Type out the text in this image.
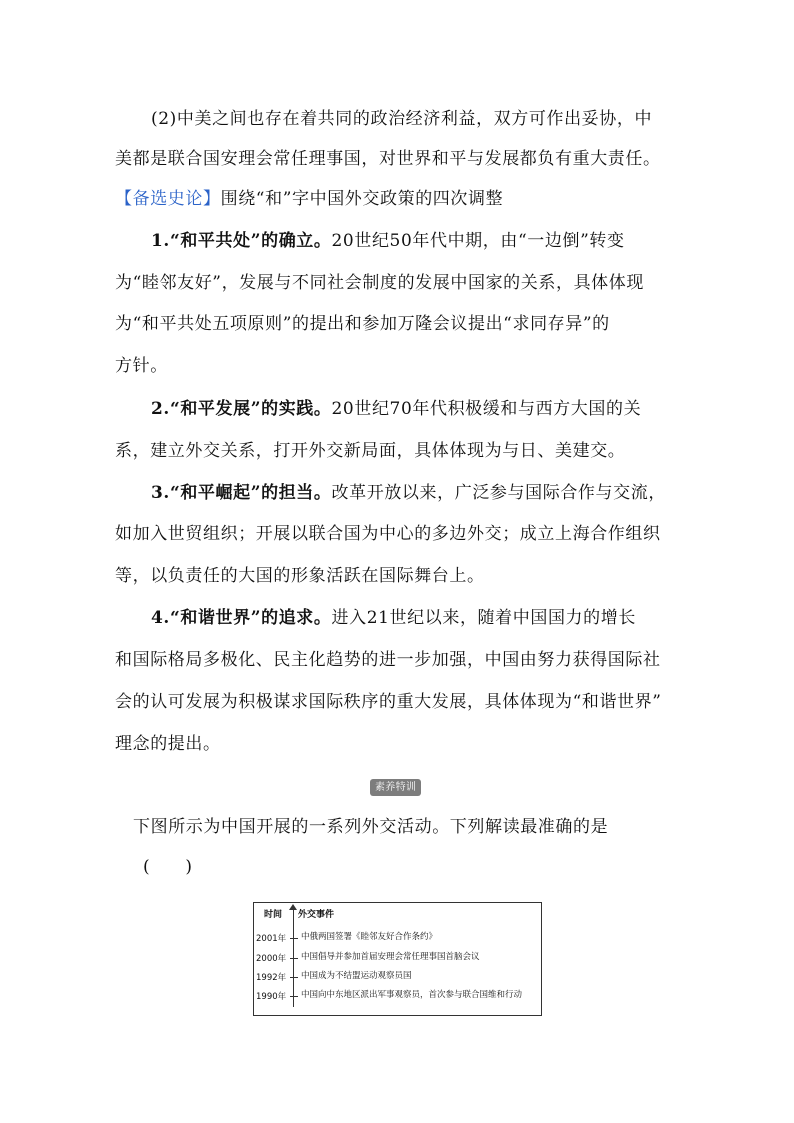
(2)中美之间也存在着共同的政治经济利益，双方可作出妥协，中
美都是联合国安理会常任理事国，对世界和平与发展都负有重大责任。
【备选史论】围绕“和”字中国外交政策的四次调整
1.“和平共处”的确立。20世纪50年代中期，由“一边倒”转变
为“睦邻友好”，发展与不同社会制度的发展中国家的关系，具体体现
为“和平共处五项原则”的提出和参加万隆会议提出“求同存异”的
方针。
2.“和平发展”的实践。20世纪70年代积极缓和与西方大国的关
系，建立外交关系，打开外交新局面，具体体现为与日、美建交。
3.“和平崛起”的担当。改革开放以来，广泛参与国际合作与交流，
如加入世贸组织；开展以联合国为中心的多边外交；成立上海合作组织
等，以负责任的大国的形象活跃在国际舞台上。
4.“和谐世界”的追求。进入21世纪以来，随着中国国力的增长
和国际格局多极化、民主化趋势的进一步加强，中国由努力获得国际社
会的认可发展为积极谋求国际秩序的重大发展，具体体现为“和谐世界”
理念的提出。
素养特训
下图所示为中国开展的一系列外交活动。下列解读最准确的是
(　　)
时间 外交事件
2001年 中俄两国签署《睦邻友好合作条约》
2000年 中国倡导并参加首届安理会常任理事国首脑会议
1992年 中国成为不结盟运动观察员国
1990年 中国向中东地区派出军事观察员，首次参与联合国维和行动
